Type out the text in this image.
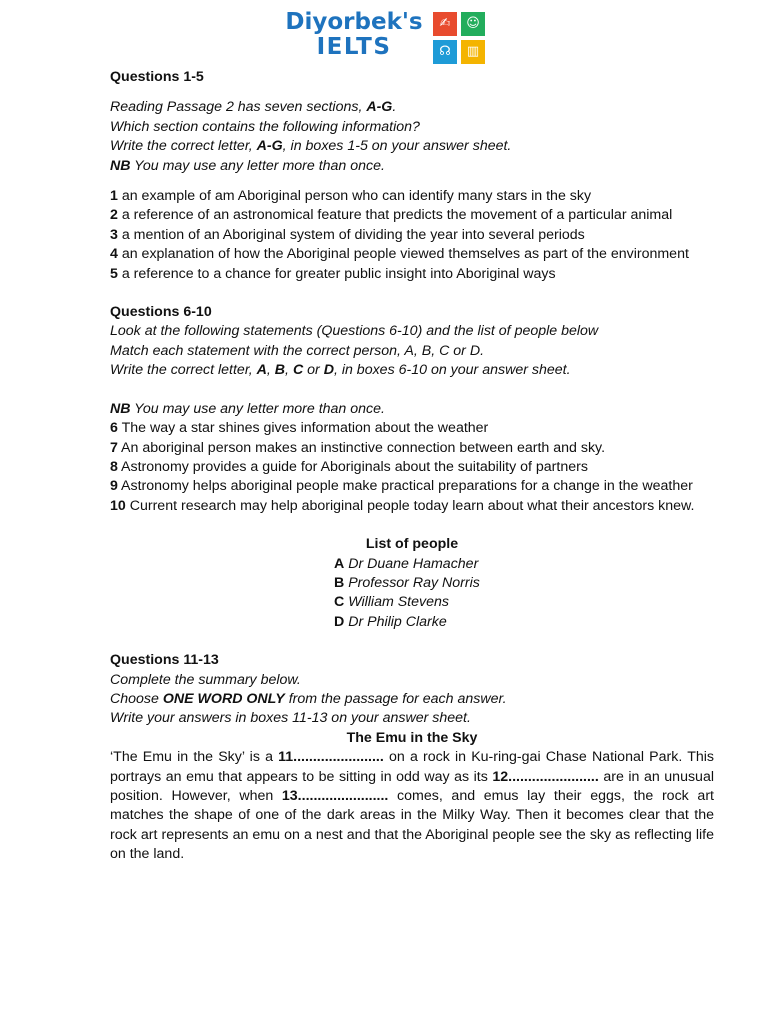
Diyorbek's
IELTS
✍	☺
☊	▥

Questions 1-5

Reading Passage 2 has seven sections, A-G.

Which section contains the following information?

Write the correct letter, A-G, in boxes 1-5 on your answer sheet.

NB You may use any letter more than once.

1 an example of am Aboriginal person who can identify many stars in the sky

2 a reference of an astronomical feature that predicts the movement of a particular animal

3 a mention of an Aboriginal system of dividing the year into several periods

4 an explanation of how the Aboriginal people viewed themselves as part of the environment

5 a reference to a chance for greater public insight into Aboriginal ways

Questions 6-10

Look at the following statements (Questions 6-10) and the list of people below

Match each statement with the correct person, A, B, C or D.

Write the correct letter, A, B, C or D, in boxes 6-10 on your answer sheet.

NB You may use any letter more than once.

6 The way a star shines gives information about the weather

7 An aboriginal person makes an instinctive connection between earth and sky.

8 Astronomy provides a guide for Aboriginals about the suitability of partners

9 Astronomy helps aboriginal people make practical preparations for a change in the weather

10 Current research may help aboriginal people today learn about what their ancestors knew.

List of people

A Dr Duane Hamacher
B Professor Ray Norris
C William Stevens
D Dr Philip Clarke

Questions 11-13

Complete the summary below.

Choose ONE WORD ONLY from the passage for each answer.

Write your answers in boxes 11-13 on your answer sheet.

The Emu in the Sky

‘The Emu in the Sky’ is a 11....................... on a rock in Ku-ring-gai Chase National Park. This portrays an emu that appears to be sitting in odd way as its 12....................... are in an unusual position. However, when 13....................... comes, and emus lay their eggs, the rock art matches the shape of one of the dark areas in the Milky Way. Then it becomes clear that the rock art represents an emu on a nest and that the Aboriginal people see the sky as reflecting life on the land.
